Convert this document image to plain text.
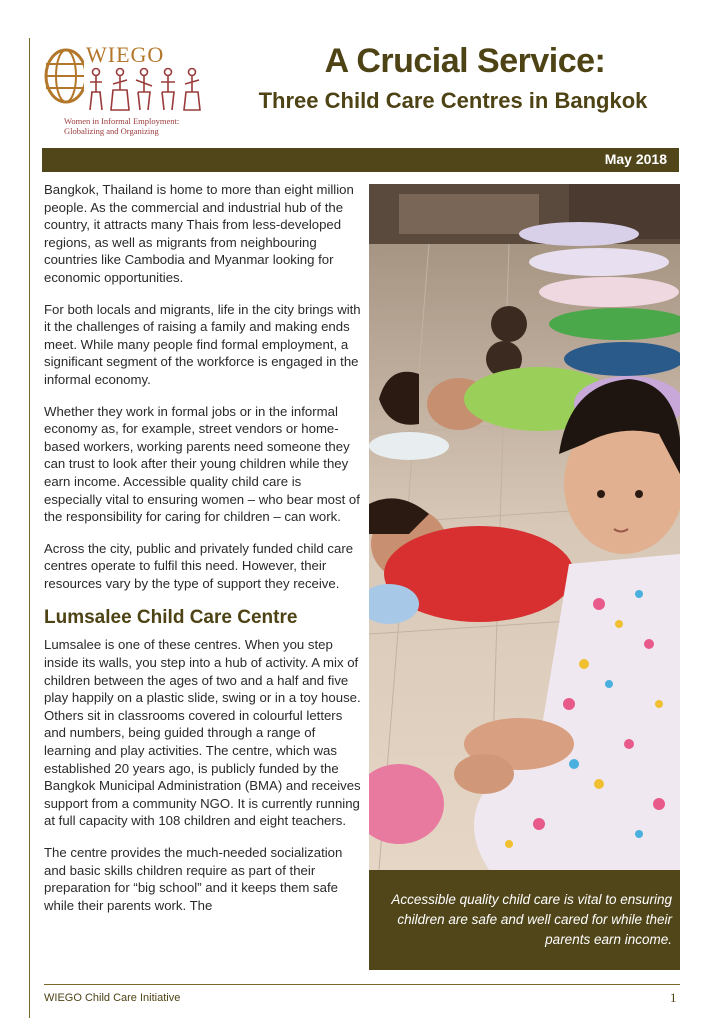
WIEGO
Women in Informal Employment:
Globalizing and Organizing
A Crucial Service:
Three Child Care Centres in Bangkok
May 2018

Bangkok, Thailand is home to more than eight million people. As the commercial and industrial hub of the country, it attracts many Thais from less-developed regions, as well as migrants from neighbouring countries like Cambodia and Myanmar looking for economic opportunities.

For both locals and migrants, life in the city brings with it the challenges of raising a family and making ends meet. While many people find formal employment, a significant segment of the workforce is engaged in the informal economy.

Whether they work in formal jobs or in the informal economy as, for example, street vendors or home-based workers, working parents need someone they can trust to look after their young children while they earn income. Accessible quality child care is especially vital to ensuring women – who bear most of the responsibility for caring for children – can work.

Across the city, public and privately funded child care centres operate to fulfil this need. However, their resources vary by the type of support they receive.

Lumsalee Child Care Centre

Lumsalee is one of these centres. When you step inside its walls, you step into a hub of activity. A mix of children between the ages of two and a half and five play happily on a plastic slide, swing or in a toy house. Others sit in classrooms covered in colourful letters and numbers, being guided through a range of learning and play activities. The centre, which was established 20 years ago, is publicly funded by the Bangkok Municipal Administration (BMA) and receives support from a community NGO. It is currently running at full capacity with 108 children and eight teachers.

The centre provides the much-needed socialization and basic skills children require as part of their preparation for “big school” and it keeps them safe while their parents work. The	Accessible quality child care is vital to ensuring children are safe and well cared for while their parents earn income.
WIEGO Child Care Initiative	1
